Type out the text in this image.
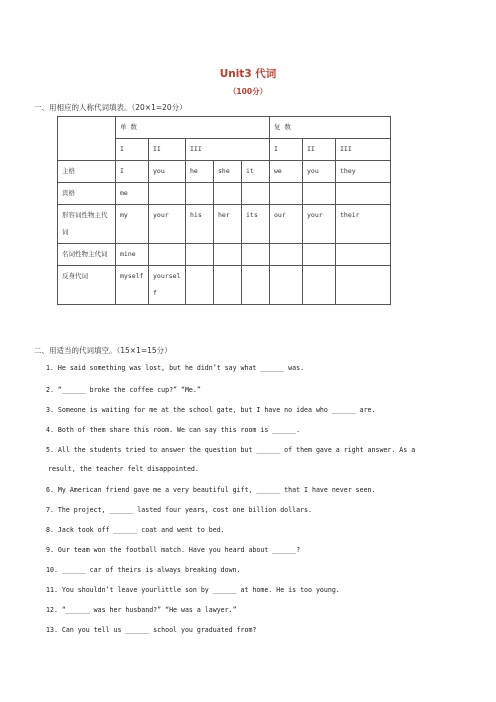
Unit3 代词
（100分）
一、用相应的人称代词填表。（20×1=20分）
	单 数					复 数		
	I	II	III			I	II	III
主格	I	you	he	she	it	we	you	they
宾格	me							
形容词性物主代词	my	your	his	her	its	our	your	their
名词性物主代词	mine							
反身代词	myself	yourself						
二、用适当的代词填空。（15×1=15分）
1. He said something was lost, but he didn’t say what ______ was.
2. “______ broke the coffee cup?” “Me.”
3. Someone is waiting for me at the school gate, but I have no idea who ______ are.
4. Both of them share this room. We can say this room is ______.
5. All the students tried to answer the question but ______ of them gave a right answer. As a
result, the teacher felt disappointed.
6. My American friend gave me a very beautiful gift, ______ that I have never seen.
7. The project, ______ lasted four years, cost one billion dollars.
8. Jack took off ______ coat and went to bed.
9. Our team won the football match. Have you heard about ______?
10. ______ car of theirs is always breaking down.
11. You shouldn’t leave yourlittle son by ______ at home. He is too young.
12. “______ was her husband?” “He was a lawyer.”
13. Can you tell us ______ school you graduated from?
